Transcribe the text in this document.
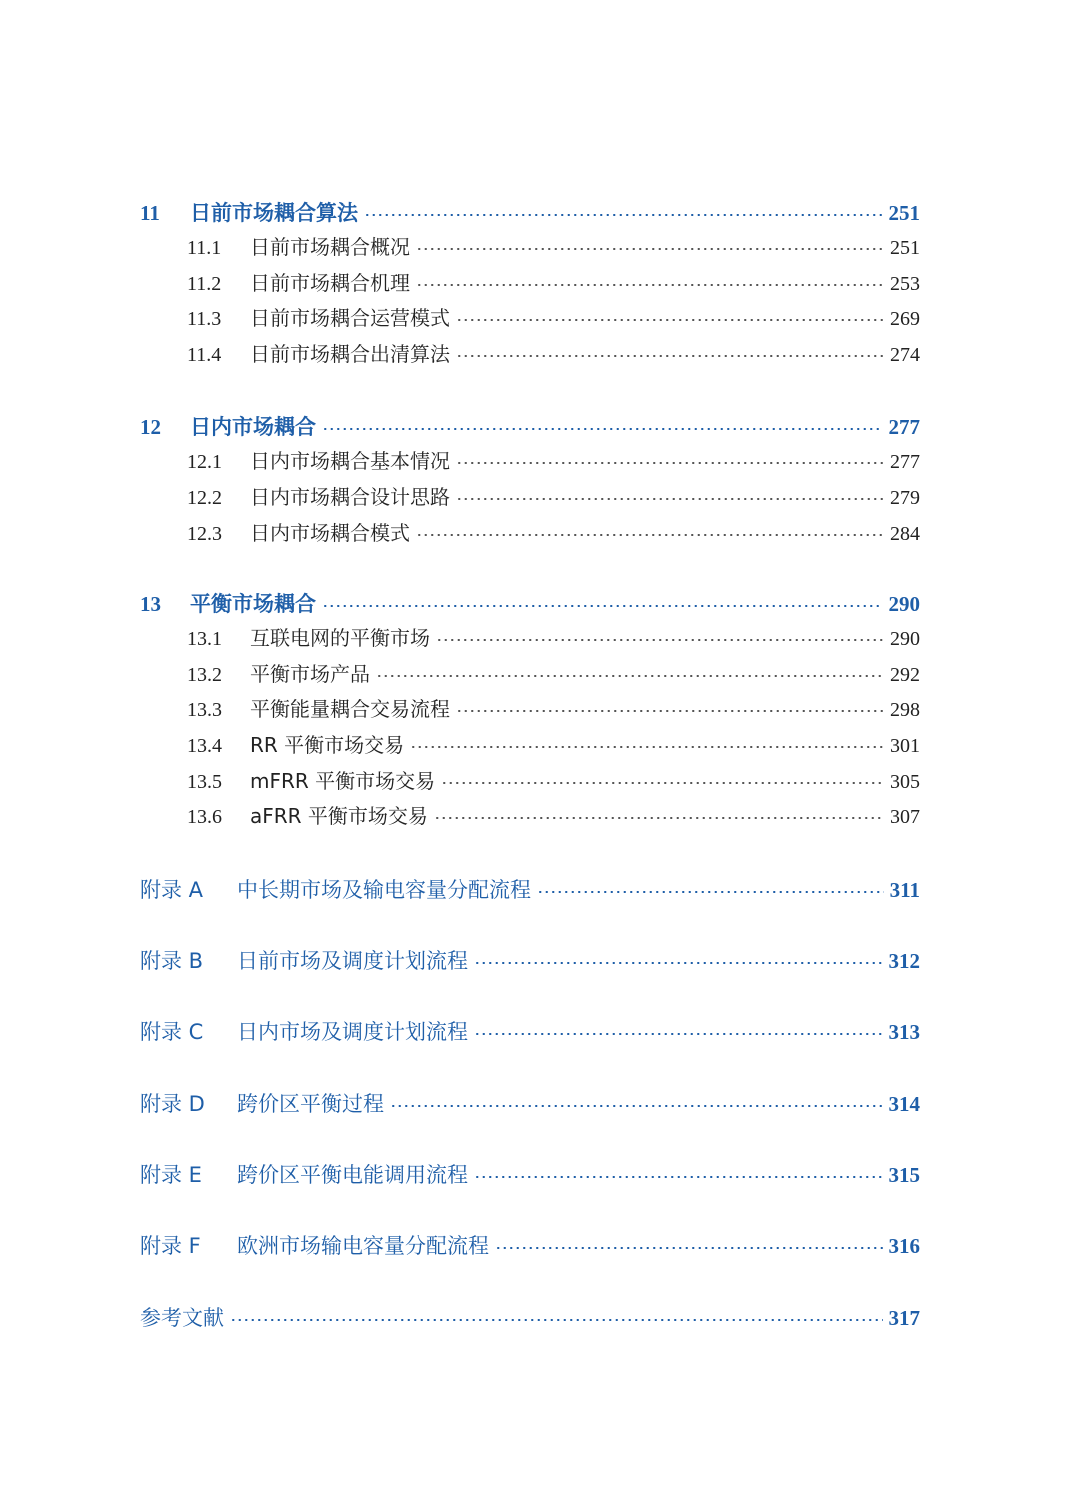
11	日前市场耦合算法	251
11.1	日前市场耦合概况	251
11.2	日前市场耦合机理	253
11.3	日前市场耦合运营模式	269
11.4	日前市场耦合出清算法	274
12	日内市场耦合	277
12.1	日内市场耦合基本情况	277
12.2	日内市场耦合设计思路	279
12.3	日内市场耦合模式	284
13	平衡市场耦合	290
13.1	互联电网的平衡市场	290
13.2	平衡市场产品	292
13.3	平衡能量耦合交易流程	298
13.4	RR 平衡市场交易	301
13.5	mFRR 平衡市场交易	305
13.6	aFRR 平衡市场交易	307
附录 A	中长期市场及输电容量分配流程	311
附录 B	日前市场及调度计划流程	312
附录 C	日内市场及调度计划流程	313
附录 D	跨价区平衡过程	314
附录 E	跨价区平衡电能调用流程	315
附录 F	欧洲市场输电容量分配流程	316
参考文献	317
